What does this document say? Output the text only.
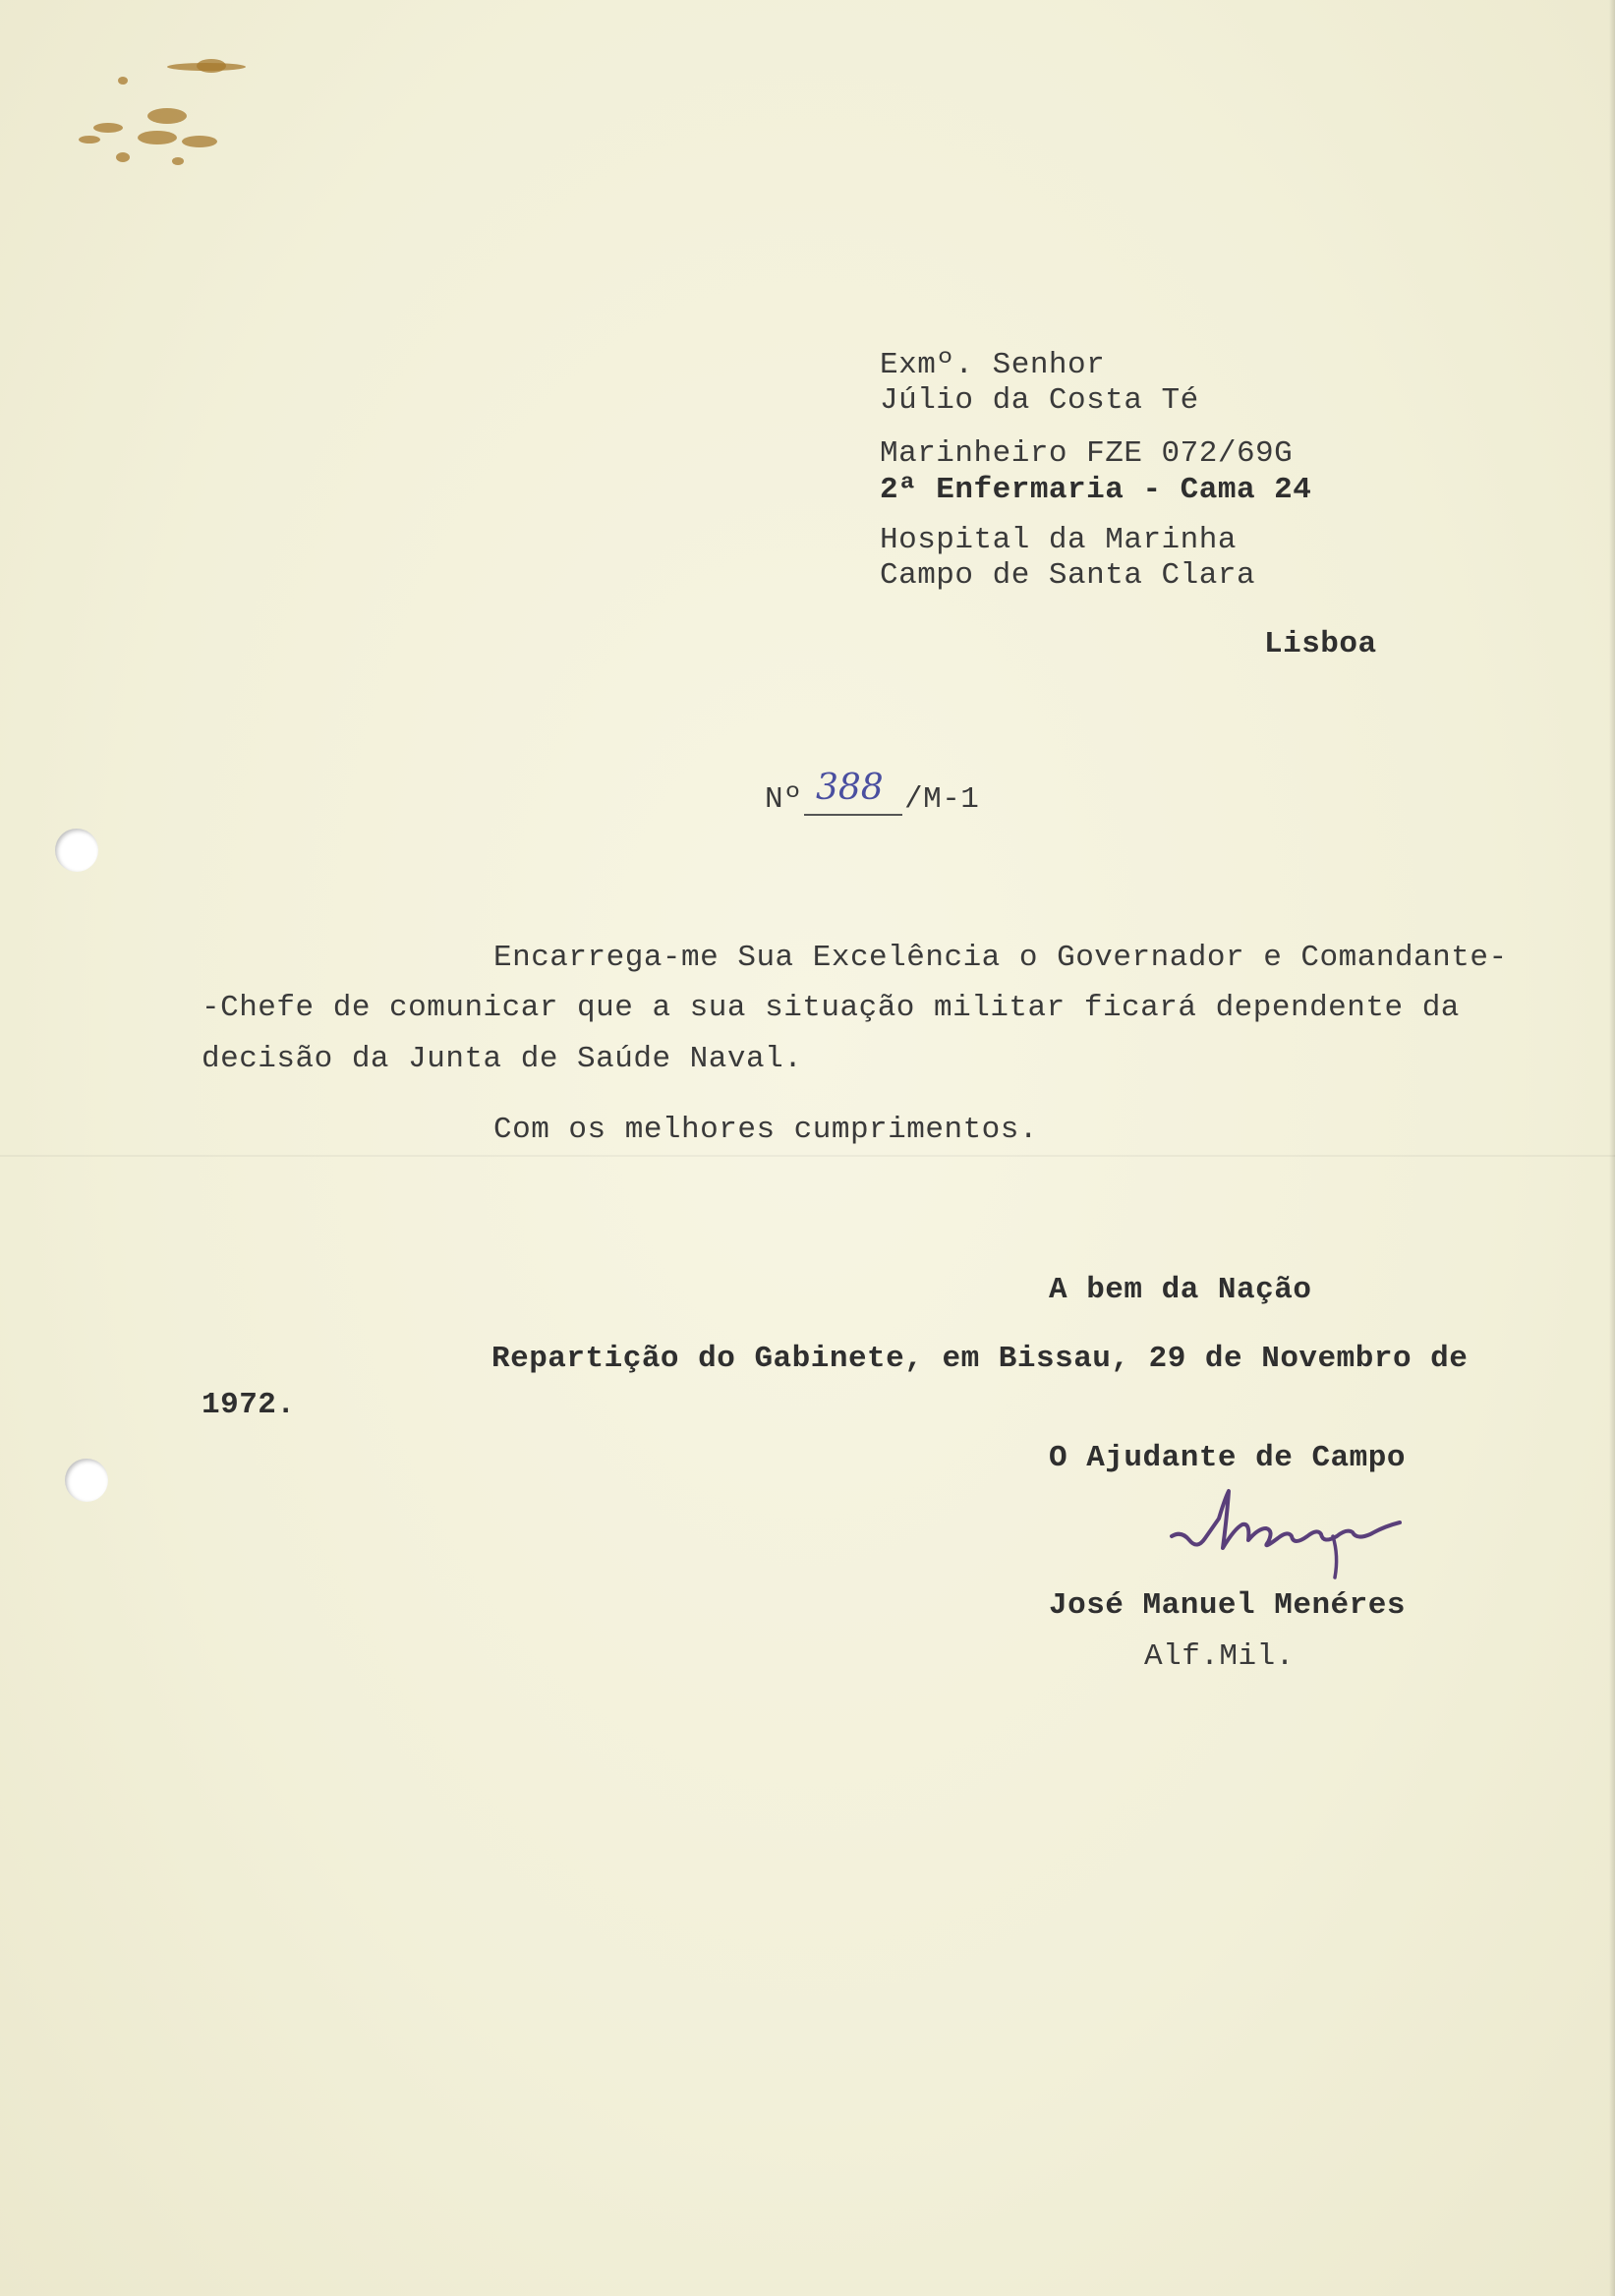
Exmº. Senhor
Júlio da Costa Té
Marinheiro FZE 072/69G
2ª Enfermaria - Cama 24
Hospital da Marinha
Campo de Santa Clara
Lisboa
Nº 388 /M-1
Encarrega-me Sua Excelência o Governador e Comandante-
-Chefe de comunicar que a sua situação militar ficará dependente da
decisão da Junta de Saúde Naval.
Com os melhores cumprimentos.
A bem da Nação
Repartição do Gabinete, em Bissau, 29 de Novembro de
1972.
O Ajudante de Campo
José Manuel Menéres
Alf.Mil.
